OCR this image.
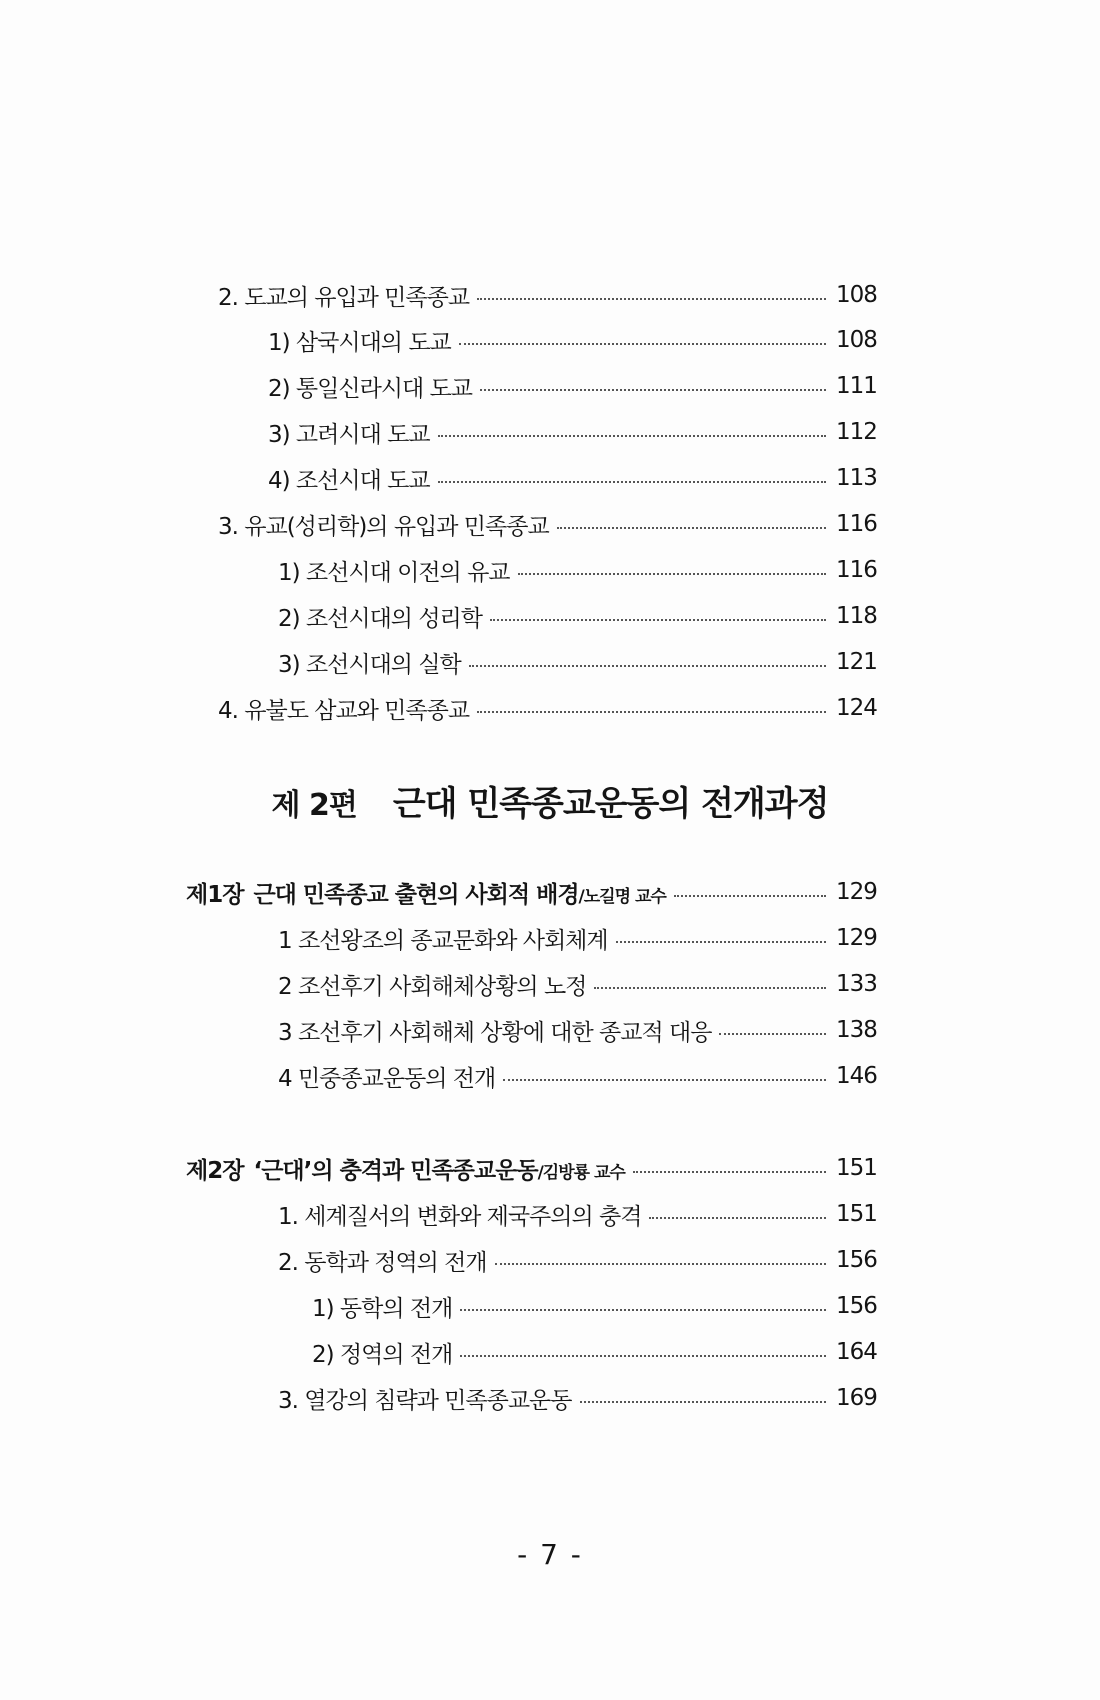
2. 도교의 유입과 민족종교	108
1) 삼국시대의 도교	108
2) 통일신라시대 도교	111
3) 고려시대 도교	112
4) 조선시대 도교	113
3. 유교(성리학)의 유입과 민족종교	116
1) 조선시대 이전의 유교	116
2) 조선시대의 성리학	118
3) 조선시대의 실학	121
4. 유불도 삼교와 민족종교	124
제 2편 근대 민족종교운동의 전개과정
제1장 근대 민족종교 출현의 사회적 배경/노길명 교수	129
1 조선왕조의 종교문화와 사회체계	129
2 조선후기 사회해체상황의 노정	133
3 조선후기 사회해체 상황에 대한 종교적 대응	138
4 민중종교운동의 전개	146
제2장 ‘근대’의 충격과 민족종교운동/김방룡 교수	151
1. 세계질서의 변화와 제국주의의 충격	151
2. 동학과 정역의 전개	156
1) 동학의 전개	156
2) 정역의 전개	164
3. 열강의 침략과 민족종교운동	169
- 7 -
